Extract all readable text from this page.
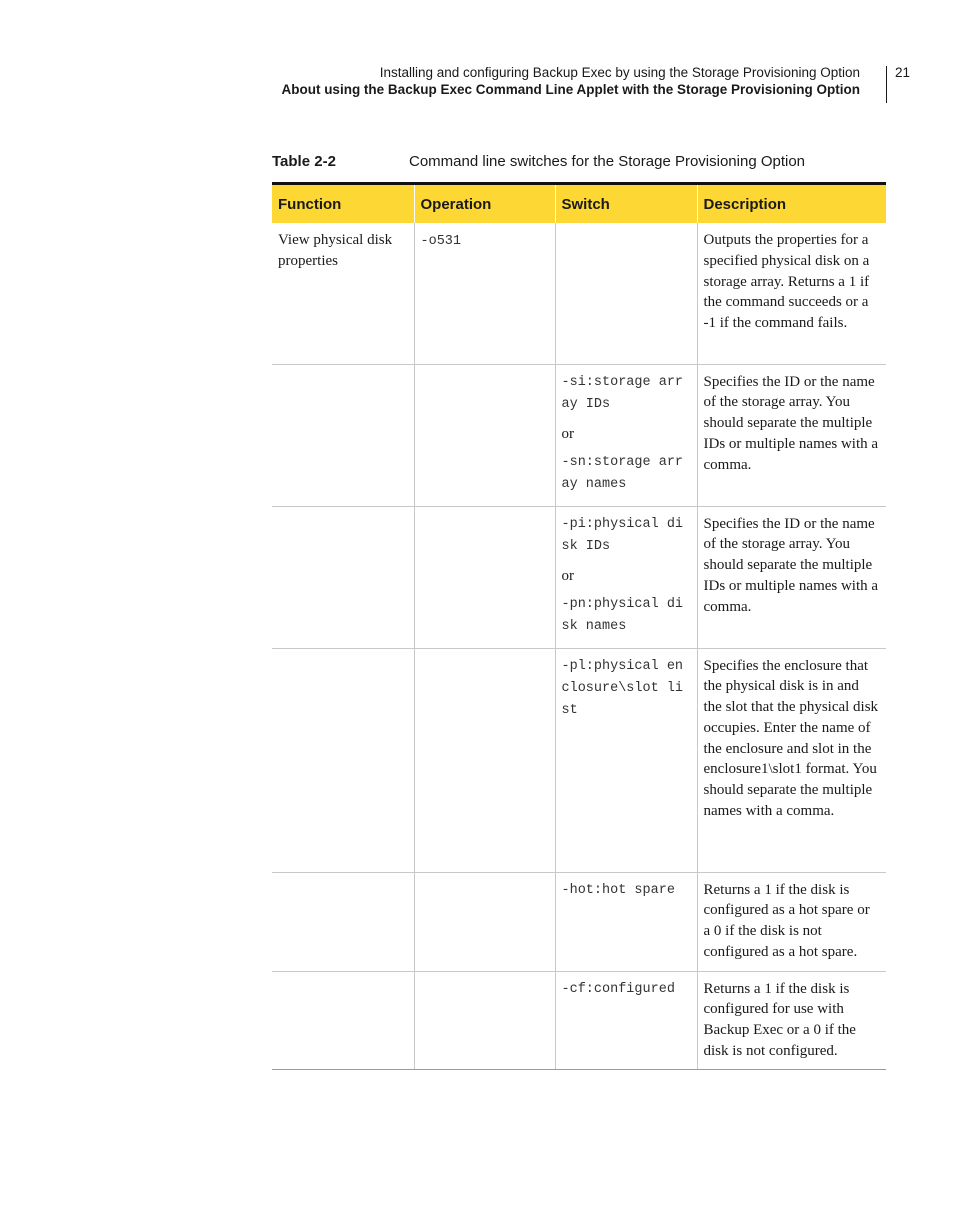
Installing and configuring Backup Exec by using the Storage Provisioning Option
About using the Backup Exec Command Line Applet with the Storage Provisioning Option
21
Table 2-2	Command line switches for the Storage Provisioning Option
Function	Operation	Switch	Description
View physical disk properties	-o531		Outputs the properties for a specified physical disk on a storage array. Returns a 1 if the command succeeds or a -1 if the command fails.

		-si:storage array IDs
or
-sn:storage array names	Specifies the ID or the name of the storage array. You should separate the multiple IDs or multiple names with a comma.

		-pi:physical disk IDs
or
-pn:physical disk names	Specifies the ID or the name of the storage array. You should separate the multiple IDs or multiple names with a comma.

		-pl:physical enclosure\slot list	Specifies the enclosure that the physical disk is in and the slot that the physical disk occupies. Enter the name of the enclosure and slot in the enclosure1\slot1 format. You should separate the multiple names with a comma.

		-hot:hot spare	Returns a 1 if the disk is configured as a hot spare or a 0 if the disk is not configured as a hot spare.

		-cf:configured	Returns a 1 if the disk is configured for use with Backup Exec or a 0 if the disk is not configured.
